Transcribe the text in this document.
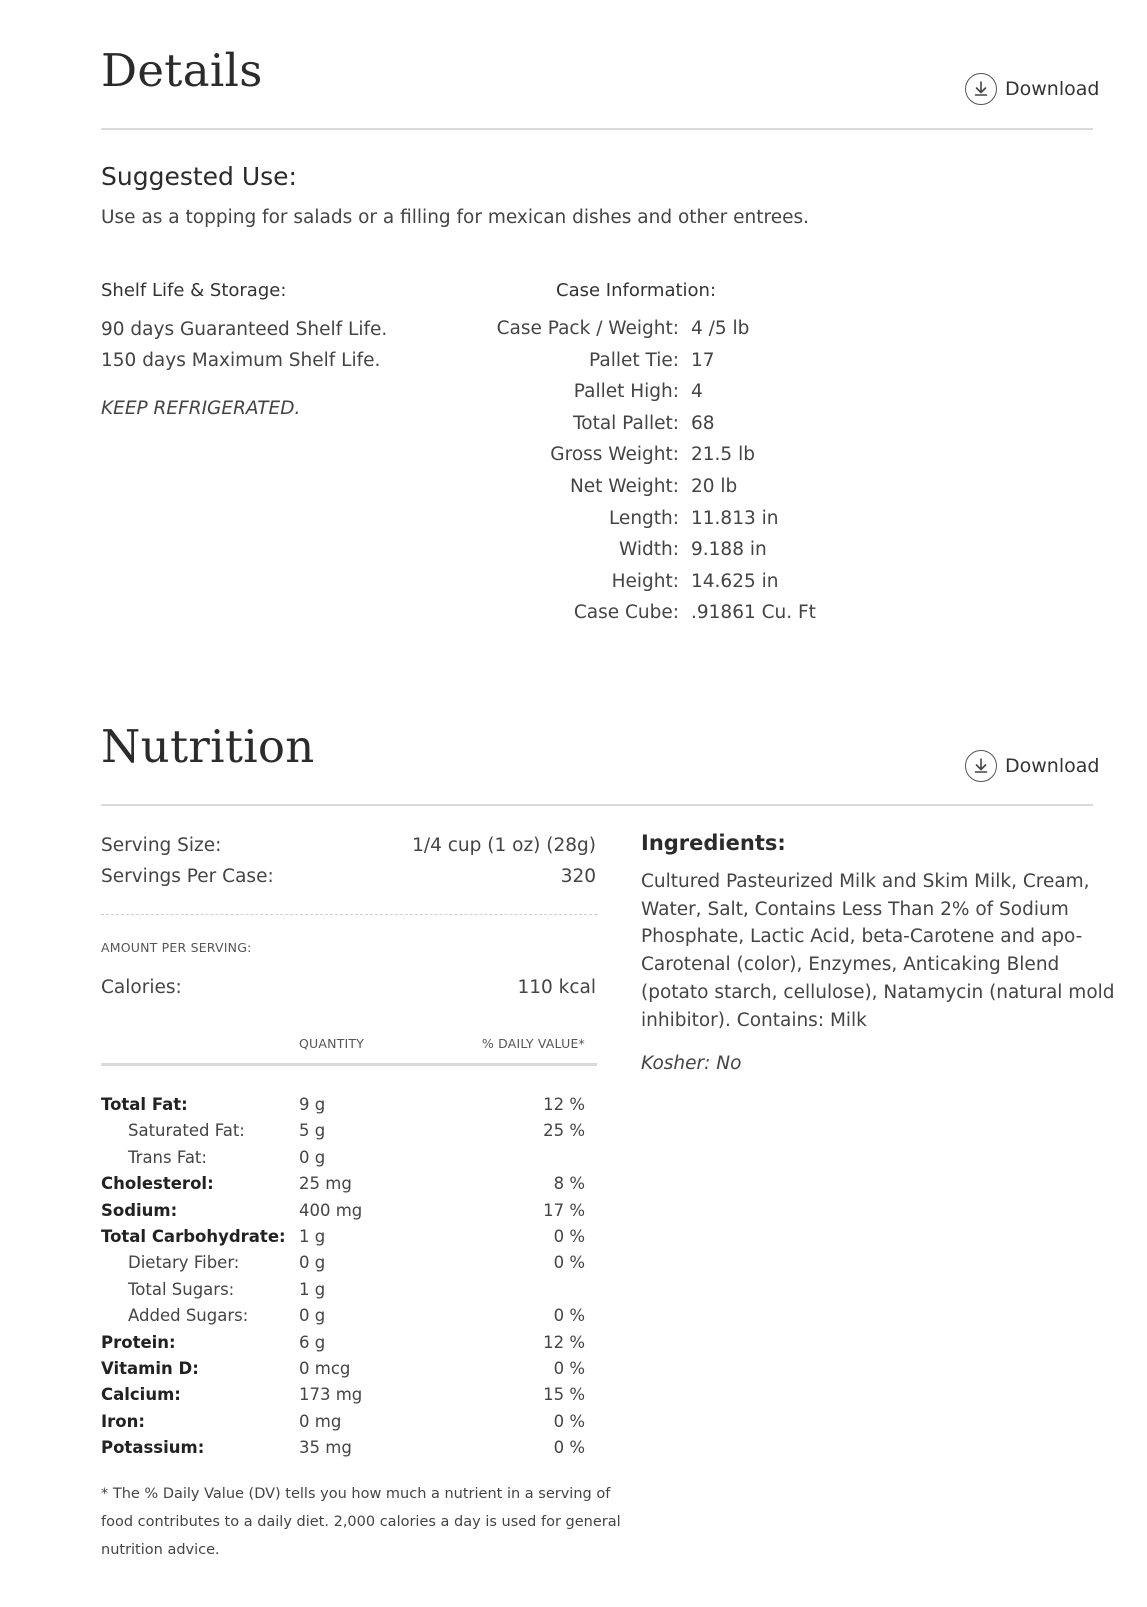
Details	Download
Suggested Use:
Use as a topping for salads or a filling for mexican dishes and other entrees.
Shelf Life & Storage:
90 days Guaranteed Shelf Life.
150 days Maximum Shelf Life.
KEEP REFRIGERATED.
Case Information:
Case Pack / Weight: 4 /5 lb
Pallet Tie: 17
Pallet High: 4
Total Pallet: 68
Gross Weight: 21.5 lb
Net Weight: 20 lb
Length: 11.813 in
Width: 9.188 in
Height: 14.625 in
Case Cube: .91861 Cu. Ft
Nutrition	Download
Serving Size:	1/4 cup (1 oz) (28g)
Servings Per Case:	320
AMOUNT PER SERVING:
Calories:	110 kcal
QUANTITY	% DAILY VALUE*
Total Fat:	9 g	12 %
Saturated Fat:	5 g	25 %
Trans Fat:	0 g
Cholesterol:	25 mg	8 %
Sodium:	400 mg	17 %
Total Carbohydrate: 1 g	0 %
Dietary Fiber:	0 g	0 %
Total Sugars:	1 g
Added Sugars:	0 g	0 %
Protein:	6 g	12 %
Vitamin D:	0 mcg	0 %
Calcium:	173 mg	15 %
Iron:	0 mg	0 %
Potassium:	35 mg	0 %
* The % Daily Value (DV) tells you how much a nutrient in a serving of
food contributes to a daily diet. 2,000 calories a day is used for general
nutrition advice.
Ingredients:
Cultured Pasteurized Milk and Skim Milk, Cream,
Water, Salt, Contains Less Than 2% of Sodium
Phosphate, Lactic Acid, beta-Carotene and apo-
Carotenal (color), Enzymes, Anticaking Blend
(potato starch, cellulose), Natamycin (natural mold
inhibitor). Contains: Milk
Kosher: No
